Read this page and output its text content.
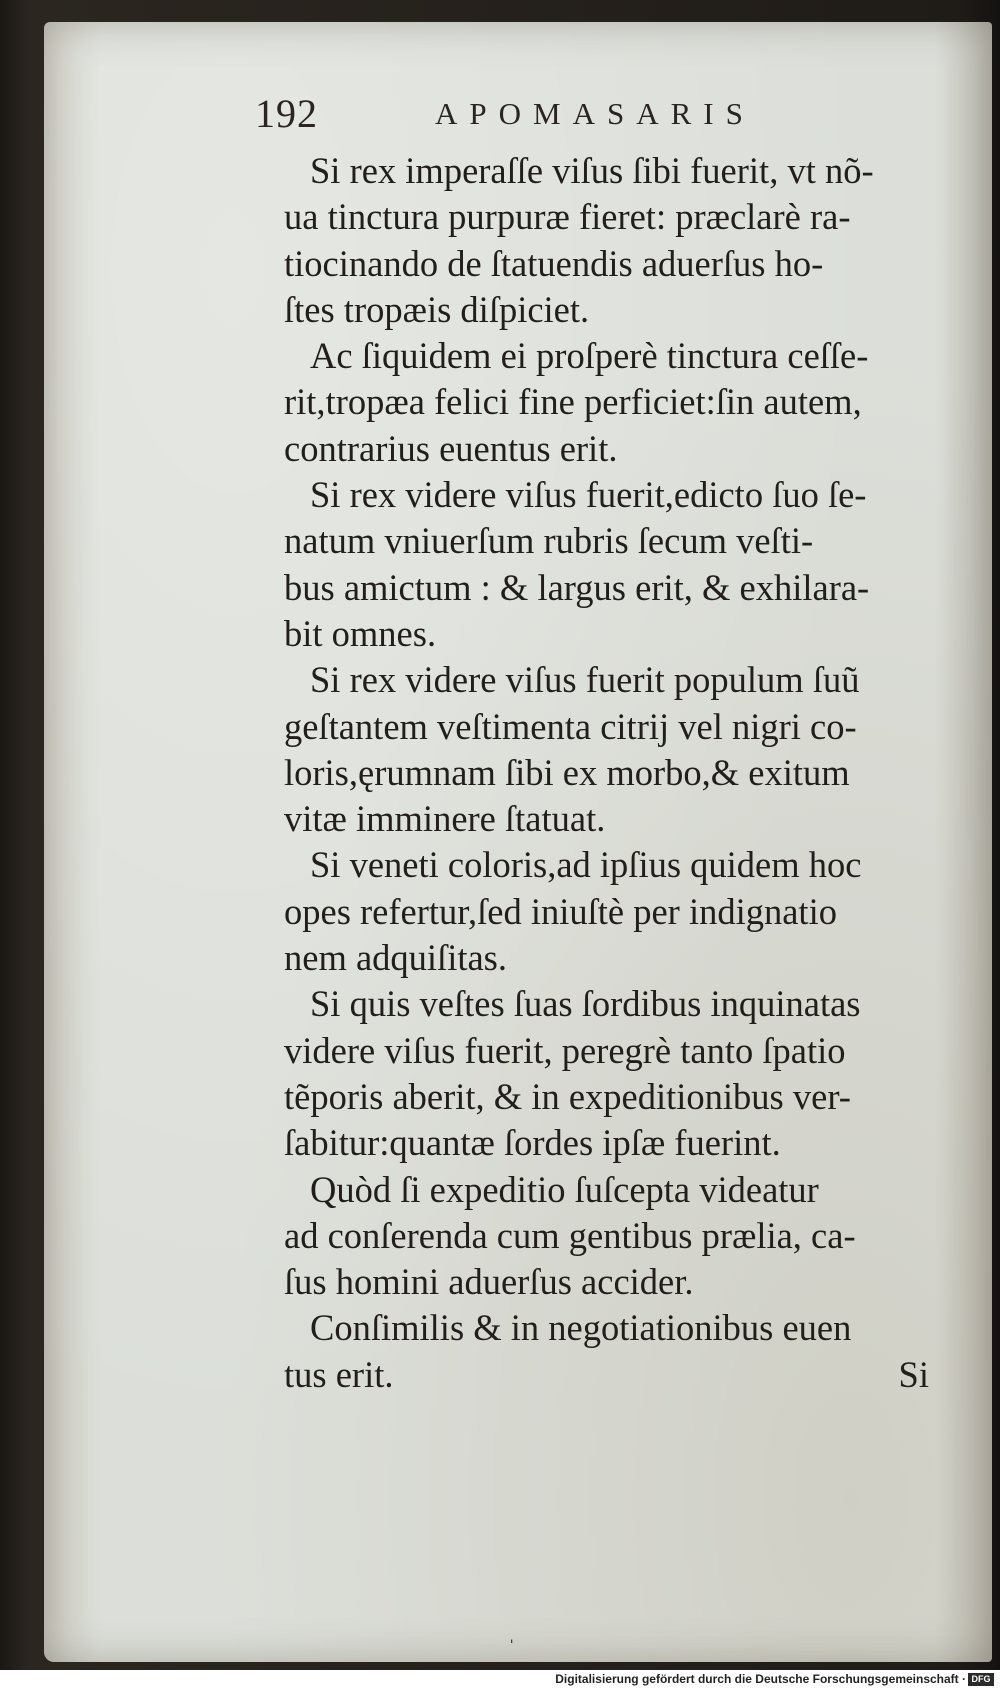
192	APOMASARIS
Si rex imperaſſe viſus ſibi fuerit, vt nõ-
ua tinctura purpuræ fieret: præclarè ra-
tiocinando de ſtatuendis aduerſus ho-
ſtes tropæis diſpiciet.
Ac ſiquidem ei proſperè tinctura ceſſe-
rit,tropæa felici fine perficiet:ſin autem,
contrarius euentus erit.
Si rex videre viſus fuerit,edicto ſuo ſe-
natum vniuerſum rubris ſecum veſti-
bus amictum : & largus erit, & exhilara-
bit omnes.
Si rex videre viſus fuerit populum ſuũ
geſtantem veſtimenta citrij vel nigri co-
loris,ęrumnam ſibi ex morbo,& exitum
vitæ imminere ſtatuat.
Si veneti coloris,ad ipſius quidem hoc
opes refertur,ſed iniuſtè per indignatio
nem adquiſitas.
Si quis veſtes ſuas ſordibus inquinatas
videre viſus fuerit, peregrè tanto ſpatio
tẽporis aberit, & in expeditionibus ver-
ſabitur:quantæ ſordes ipſæ fuerint.
Quòd ſi expeditio ſuſcepta videatur
ad conſerenda cum gentibus prælia, ca-
ſus homini aduerſus accider.
Conſimilis & in negotiationibus euen
tus erit.	Si
ˌ
Digitalisierung gefördert durch die Deutsche Forschungsgemeinschaft · DFG
